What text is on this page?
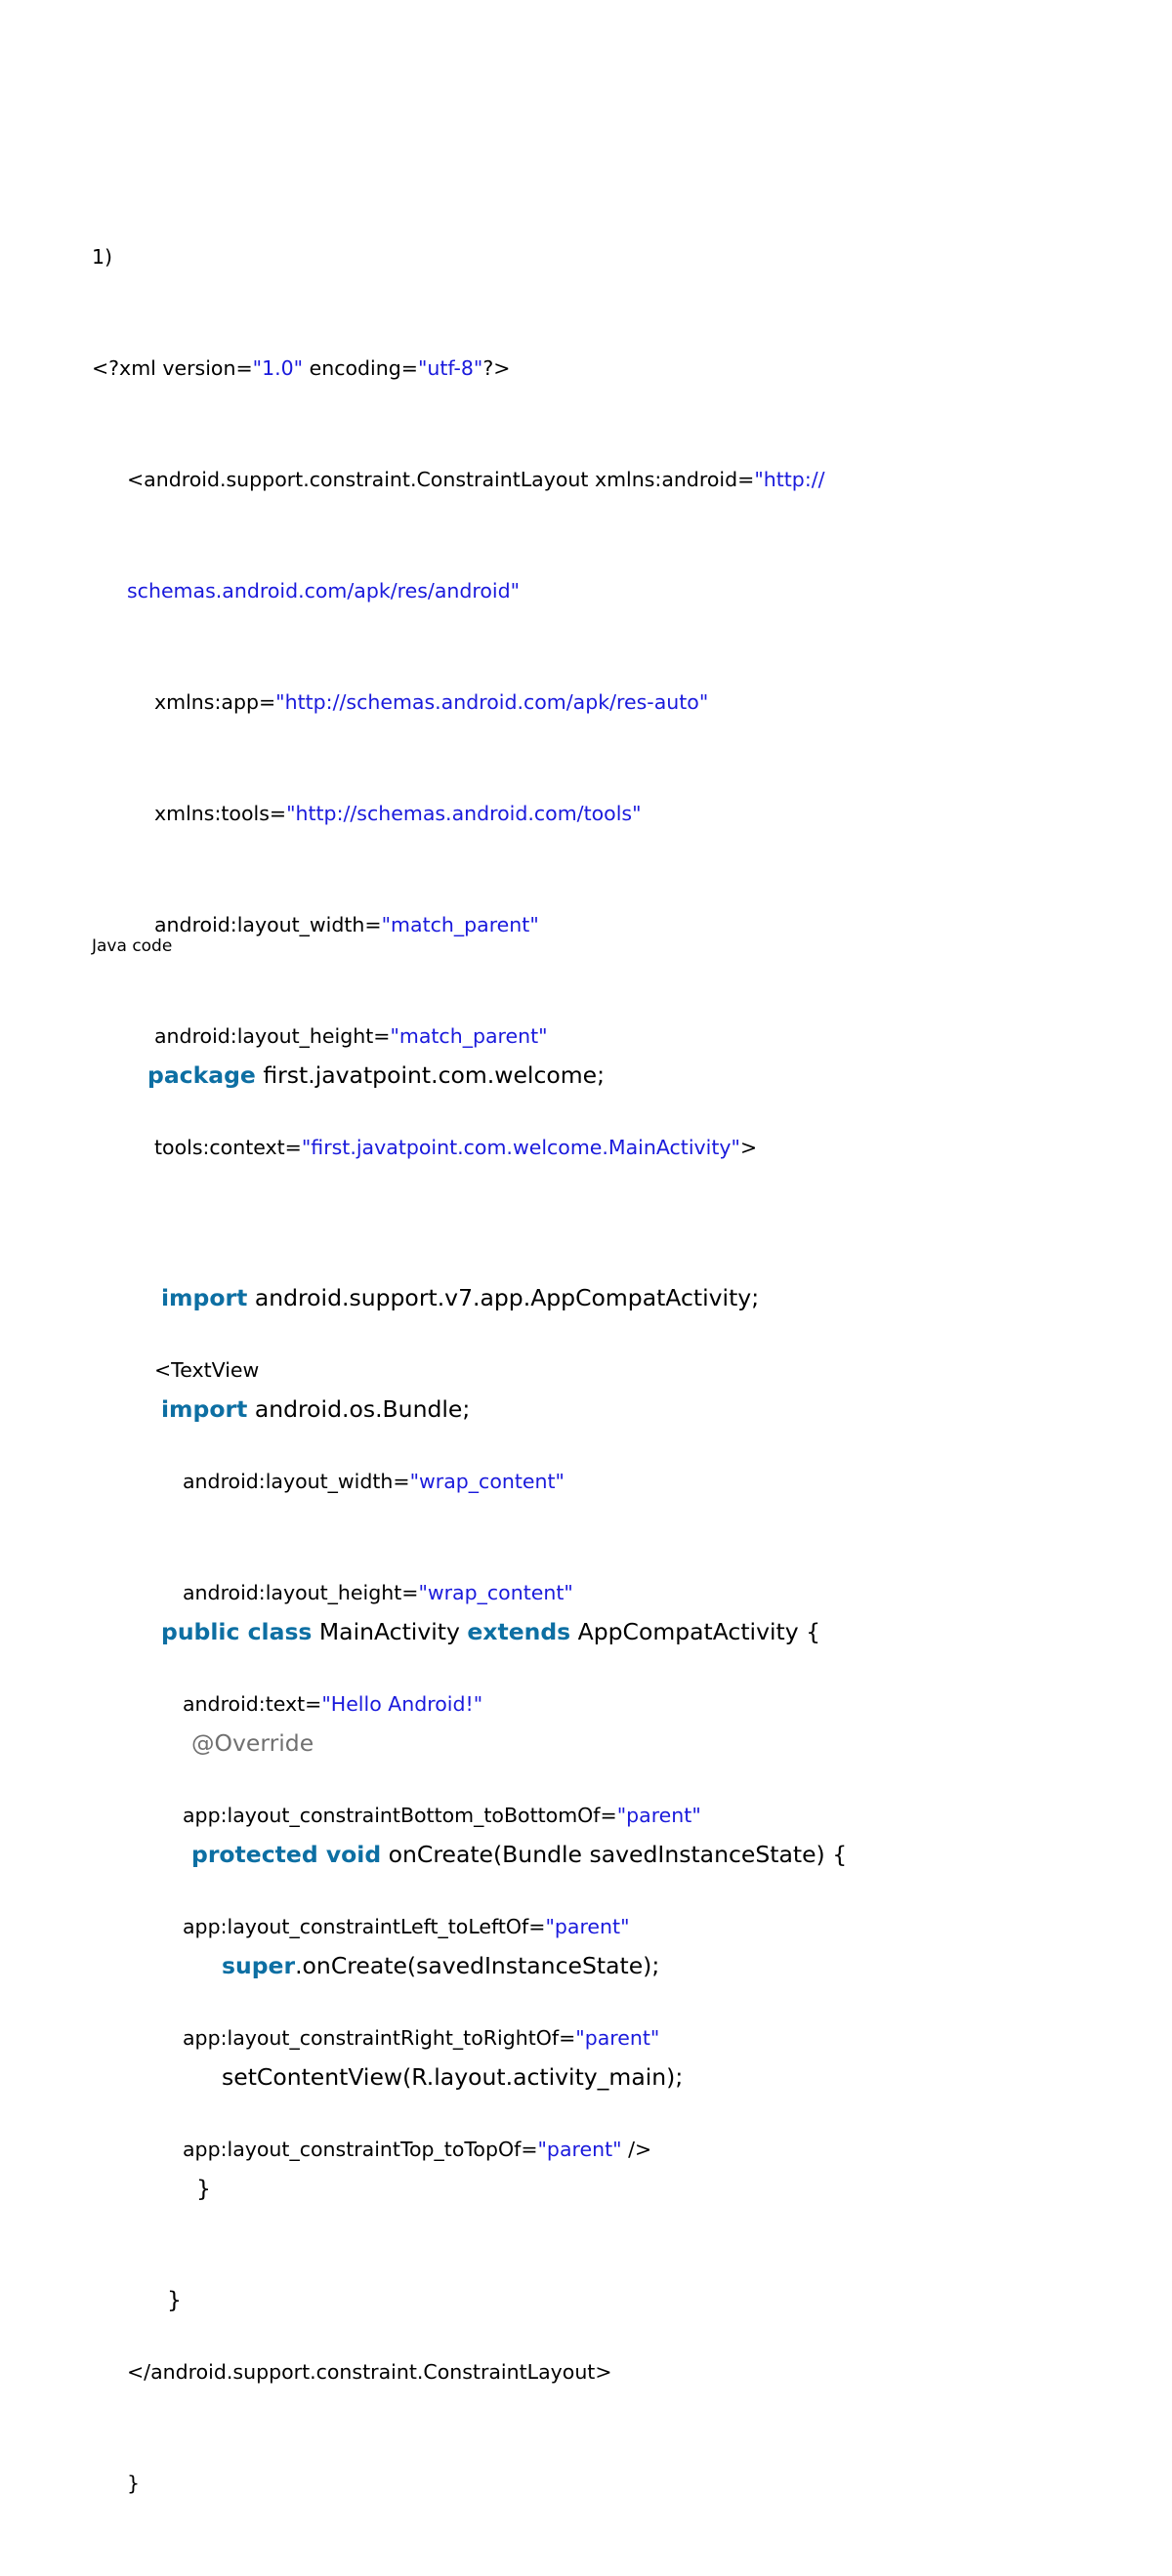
1)

<?xml version="1.0" encoding="utf-8"?>

<android.support.constraint.ConstraintLayout xmlns:android="http://

schemas.android.com/apk/res/android"

xmlns:app="http://schemas.android.com/apk/res-auto"

xmlns:tools="http://schemas.android.com/tools"

android:layout_width="match_parent"

android:layout_height="match_parent"

tools:context="first.javatpoint.com.welcome.MainActivity">

<TextView

android:layout_width="wrap_content"

android:layout_height="wrap_content"

android:text="Hello Android!"

app:layout_constraintBottom_toBottomOf="parent"

app:layout_constraintLeft_toLeftOf="parent"

app:layout_constraintRight_toRightOf="parent"

app:layout_constraintTop_toTopOf="parent" />

</android.support.constraint.ConstraintLayout>

}

Java code

package first.javatpoint.com.welcome;

import android.support.v7.app.AppCompatActivity;

import android.os.Bundle;

public class MainActivity extends AppCompatActivity {

@Override

protected void onCreate(Bundle savedInstanceState) {

super.onCreate(savedInstanceState);

setContentView(R.layout.activity_main);

}

}
